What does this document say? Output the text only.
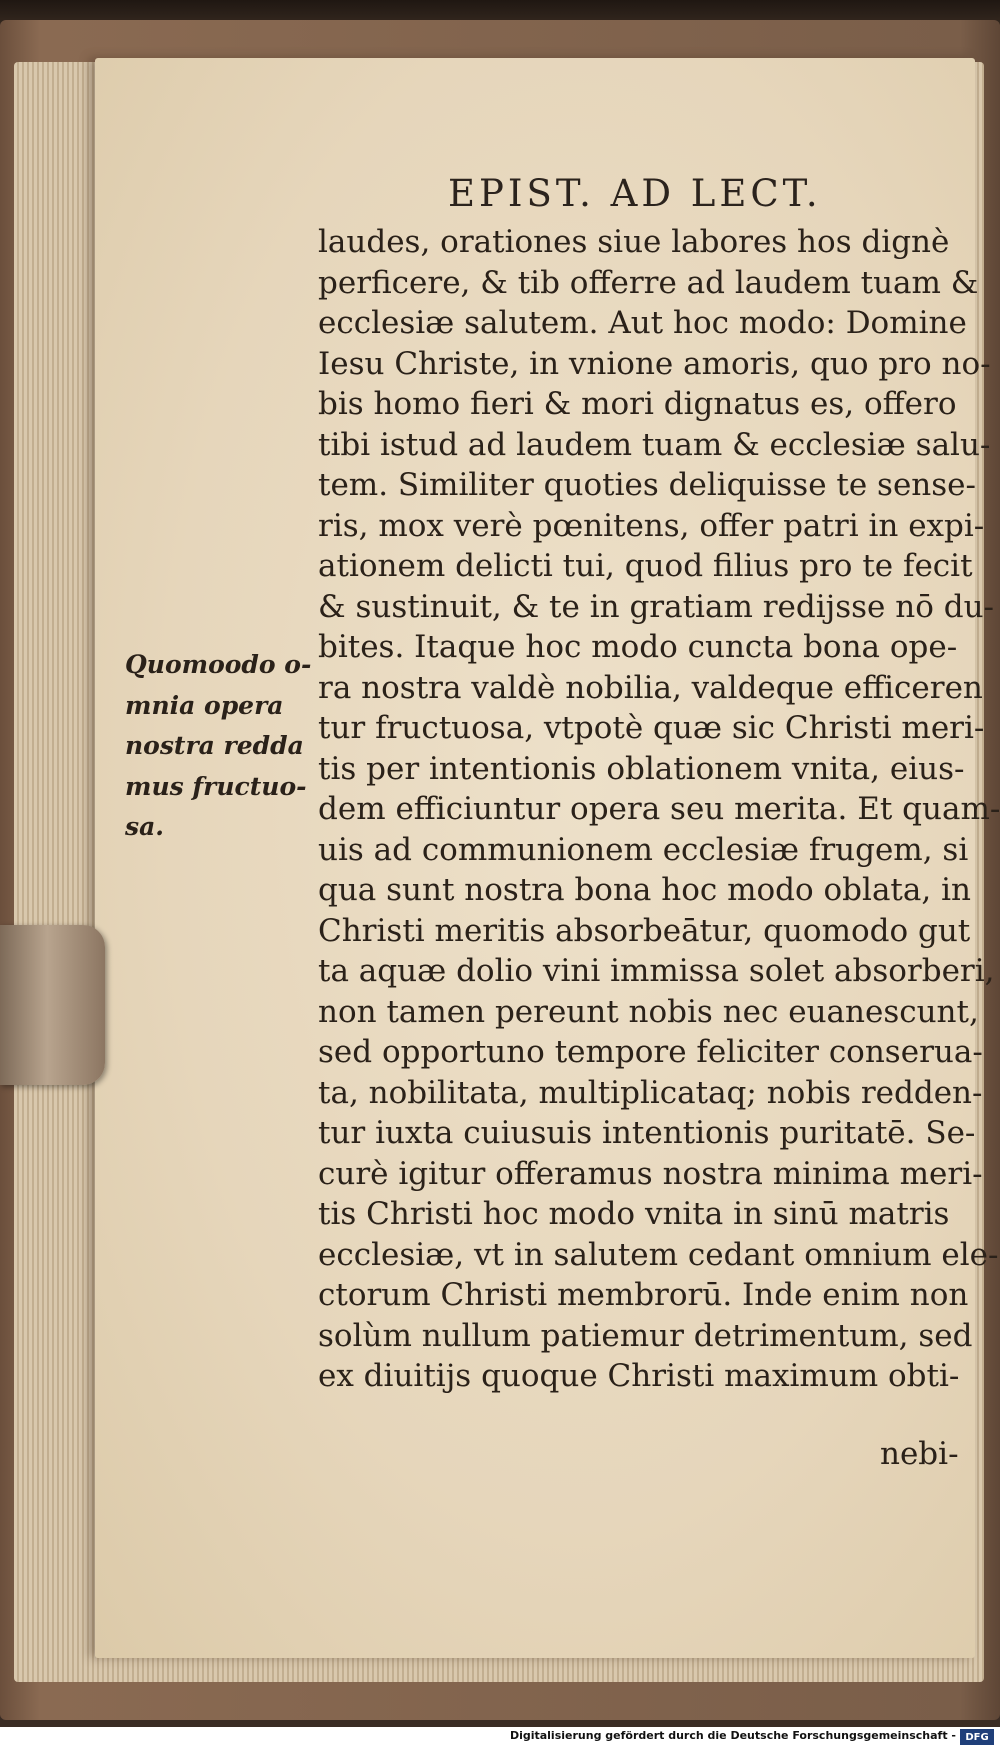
EPIST. AD LECT.
Quomoodo o-
mnia opera
nostra redda
mus fructuo-
sa.
laudes, orationes siue labores hos dignè
perficere, & tib offerre ad laudem tuam &
ecclesiæ salutem. Aut hoc modo: Domine
Iesu Christe, in vnione amoris, quo pro no-
bis homo fieri & mori dignatus es, offero
tibi istud ad laudem tuam & ecclesiæ salu-
tem. Similiter quoties deliquisse te sense-
ris, mox verè pœnitens, offer patri in expi-
ationem delicti tui, quod filius pro te fecit
& sustinuit, & te in gratiam rediјsse nō du-
bites. Itaque hoc modo cuncta bona ope-
ra nostra valdè nobilia, valdeque efficeren
tur fructuosa, vtpotè quæ sic Christi meri-
tis per intentionis oblationem vnita, eius-
dem efficiuntur opera seu merita. Et quam-
uis ad communionem ecclesiæ frugem, si
qua sunt nostra bona hoc modo oblata, in
Christi meritis absorbeātur, quomodo gut
ta aquæ dolio vini immissa solet absorberi,
non tamen pereunt nobis nec euanescunt,
sed opportuno tempore feliciter conserua-
ta, nobilitata, multiplicataq; nobis redden-
tur iuxta cuiusuis intentionis puritatē. Se-
curè igitur offeramus nostra minima meri-
tis Christi hoc modo vnita in sinū matris
ecclesiæ, vt in salutem cedant omnium ele-
ctorum Christi membrorū. Inde enim non
solùm nullum patiemur detrimentum, sed
ex diuitiјs quoque Christi maximum obti-
nebi-
Digitalisierung gefördert durch die Deutsche Forschungsgemeinschaft - DFG
